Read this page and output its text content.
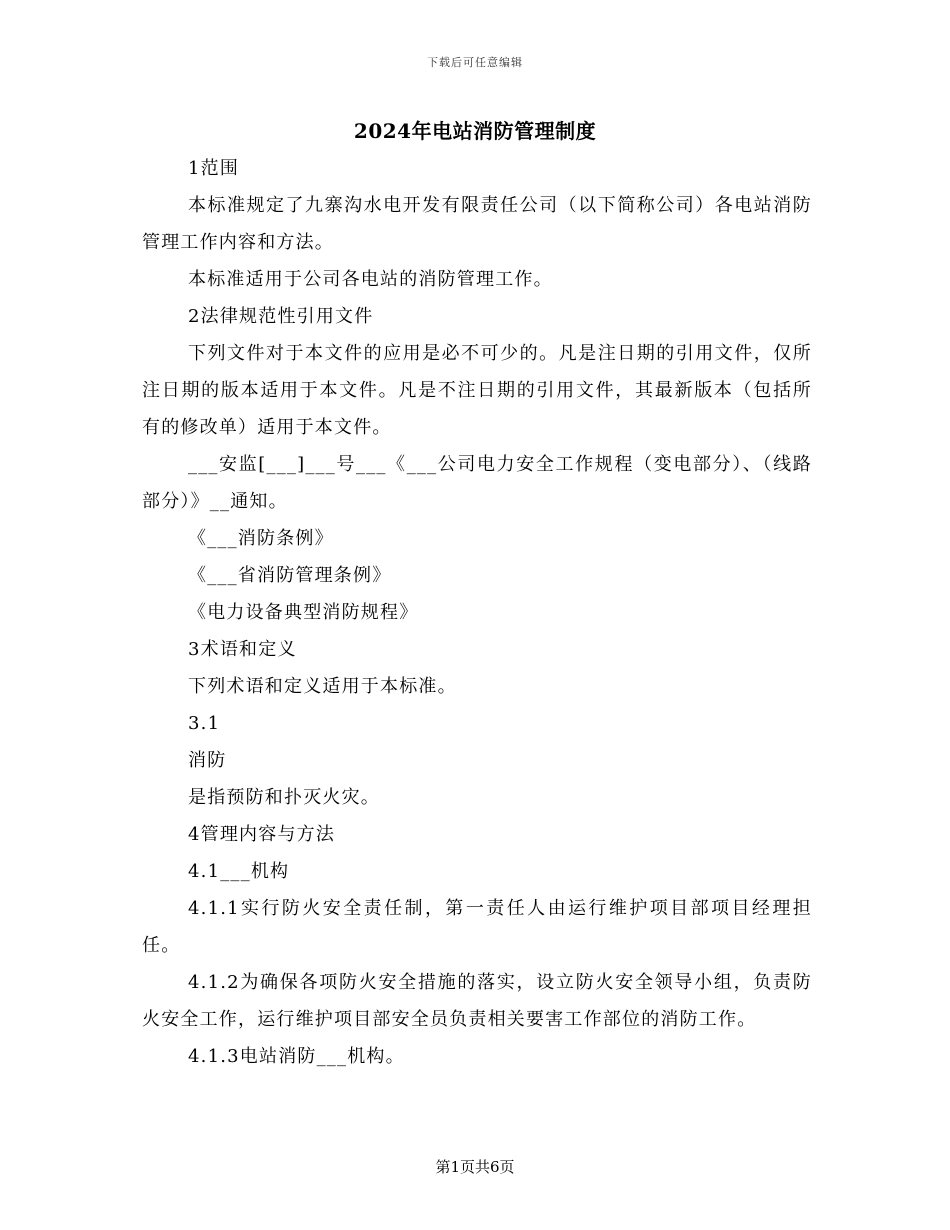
下载后可任意编辑
2024年电站消防管理制度

1范围

本标准规定了九寨沟水电开发有限责任公司（以下简称公司）各电站消防管理工作内容和方法。

本标准适用于公司各电站的消防管理工作。

2法律规范性引用文件

下列文件对于本文件的应用是必不可少的。凡是注日期的引用文件，仅所注日期的版本适用于本文件。凡是不注日期的引用文件，其最新版本（包括所有的修改单）适用于本文件。

___安监[___]___号___《___公司电力安全工作规程（变电部分）、（线路部分）》__通知。

《___消防条例》

《___省消防管理条例》

《电力设备典型消防规程》

3术语和定义

下列术语和定义适用于本标准。

3.1

消防

是指预防和扑灭火灾。

4管理内容与方法

4.1___机构

4.1.1实行防火安全责任制，第一责任人由运行维护项目部项目经理担任。

4.1.2为确保各项防火安全措施的落实，设立防火安全领导小组，负责防火安全工作，运行维护项目部安全员负责相关要害工作部位的消防工作。

4.1.3电站消防___机构。

第1页共6页
